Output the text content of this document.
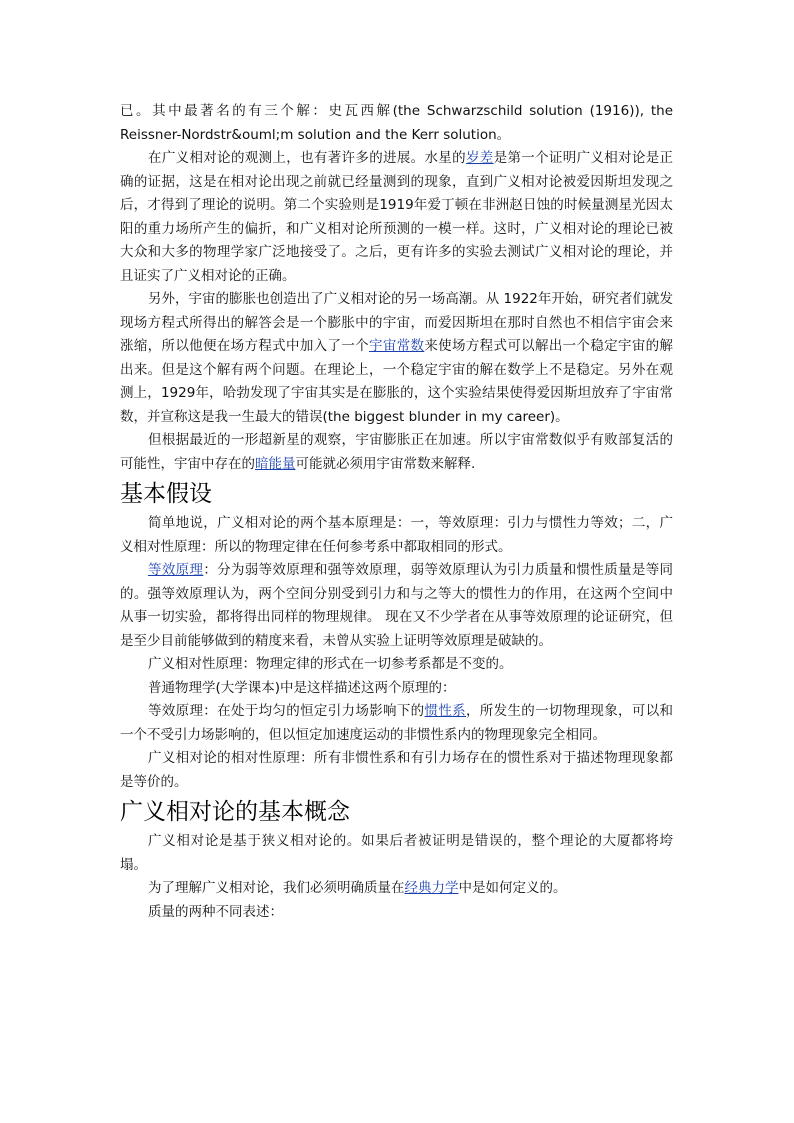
已。其中最著名的有三个解：史瓦西解(the Schwarzschild solution (1916)), the Reissner-Nordstr&ouml;m solution and the Kerr solution。

在广义相对论的观测上，也有著许多的进展。水星的岁差是第一个证明广义相对论是正确的证据，这是在相对论出现之前就已经量测到的现象，直到广义相对论被爱因斯坦发现之后，才得到了理论的说明。第二个实验则是1919年爱丁顿在非洲赵日蚀的时候量测星光因太阳的重力场所产生的偏折，和广义相对论所预测的一模一样。这时，广义相对论的理论已被大众和大多的物理学家广泛地接受了。之后，更有许多的实验去测试广义相对论的理论，并且证实了广义相对论的正确。

另外，宇宙的膨胀也创造出了广义相对论的另一场高潮。从 1922年开始，研究者们就发现场方程式所得出的解答会是一个膨胀中的宇宙，而爱因斯坦在那时自然也不相信宇宙会来涨缩，所以他便在场方程式中加入了一个宇宙常数来使场方程式可以解出一个稳定宇宙的解出来。但是这个解有两个问题。在理论上，一个稳定宇宙的解在数学上不是稳定。另外在观测上，1929年，哈勃发现了宇宙其实是在膨胀的，这个实验结果使得爱因斯坦放弃了宇宙常数，并宣称这是我一生最大的错误(the biggest blunder in my career)。

但根据最近的一形超新星的观察，宇宙膨胀正在加速。所以宇宙常数似乎有败部复活的可能性，宇宙中存在的暗能量可能就必须用宇宙常数来解释.

基本假设

简单地说，广义相对论的两个基本原理是：一，等效原理：引力与惯性力等效；二，广义相对性原理：所以的物理定律在任何参考系中都取相同的形式。

等效原理：分为弱等效原理和强等效原理，弱等效原理认为引力质量和惯性质量是等同的。强等效原理认为，两个空间分别受到引力和与之等大的惯性力的作用，在这两个空间中从事一切实验，都将得出同样的物理规律。 现在又不少学者在从事等效原理的论证研究，但是至少目前能够做到的精度来看，未曾从实验上证明等效原理是破缺的。

广义相对性原理：物理定律的形式在一切参考系都是不变的。

普通物理学(大学课本)中是这样描述这两个原理的：

等效原理：在处于均匀的恒定引力场影响下的惯性系，所发生的一切物理现象，可以和一个不受引力场影响的，但以恒定加速度运动的非惯性系内的物理现象完全相同。

广义相对论的相对性原理：所有非惯性系和有引力场存在的惯性系对于描述物理现象都是等价的。

广义相对论的基本概念

广义相对论是基于狭义相对论的。如果后者被证明是错误的，整个理论的大厦都将垮塌。

为了理解广义相对论，我们必须明确质量在经典力学中是如何定义的。

质量的两种不同表述：
